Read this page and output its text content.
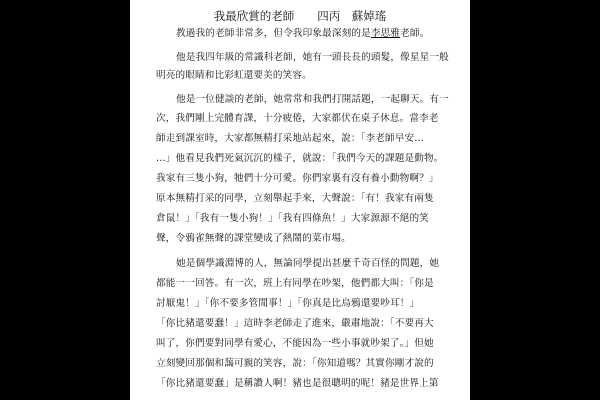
我最欣賞的老師　　四丙　蘇婥瑤
教過我的老師非常多，但令我印象最深刻的是李思雅老師。
他是我四年級的常識科老師，她有一頭長長的頭髮，像星星一般
明亮的眼睛和比彩虹還要美的笑容。
他是一位健談的老師，她常常和我們打開話題，一起聊天。有一
次，我們剛上完體育課，十分疲倦，大家都伏在桌子休息。當李老
師走到課室時，大家都無精打采地站起來，說：「李老師早安…
…」他看見我們死氣沉沉的樣子，就說：「我們今天的課題是動物。
我家有三隻小狗，牠們十分可愛。你們家裏有沒有養小動物啊？」
原本無精打采的同學，立刻舉起手來，大聲說：「有！我家有兩隻
倉鼠！」「我有一隻小狗！」「我有四條魚！」大家源源不絕的笑
聲，令鴉雀無聲的課堂變成了熱鬧的菜市場。
她是個學識淵博的人，無論同學提出甚麼千奇百怪的問題，她
都能一一回答。有一次，班上有同學在吵架，他們都大叫：「你是
討厭鬼！」「你不要多管閒事！」「你真是比烏鴉還要吵耳！」
「你比豬還要蠢！」這時李老師走了進來，嚴肅地說：「不要再大
叫了，你們要對同學有愛心，不能因為一些小事就吵架了。」但她
立刻變回那個和藹可親的笑容，說：「你知道嗎？其實你剛才說的
「你比豬還要蠢」是稱讚人啊！豬也是很聰明的呢！豬是世界上第
